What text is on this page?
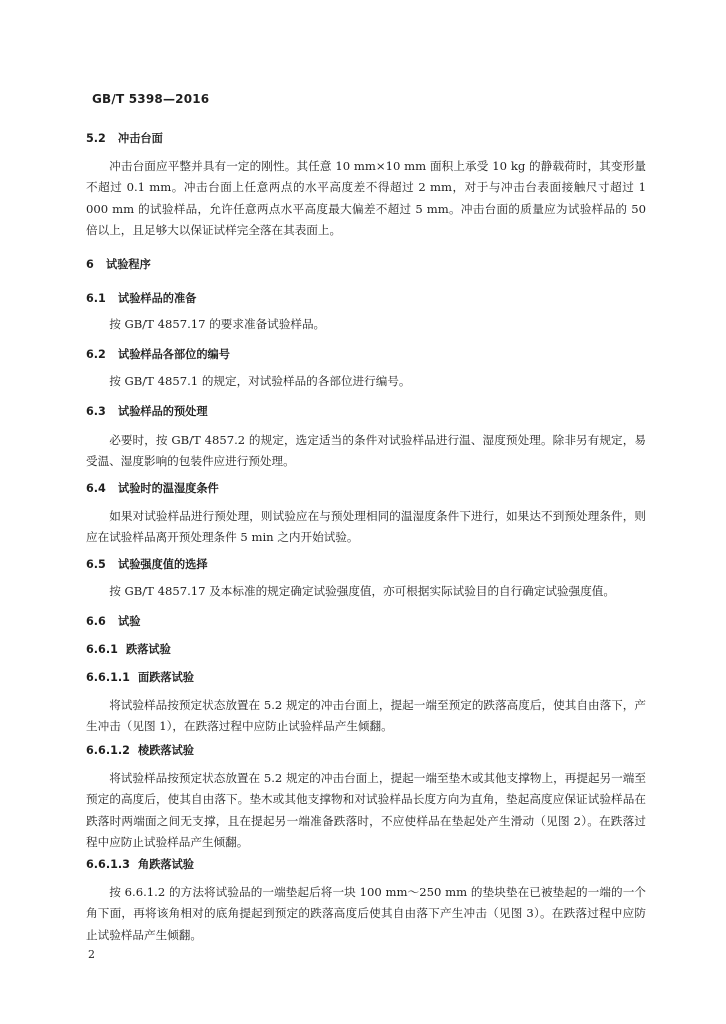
GB/T 5398—2016
5.2 冲击台面

冲击台面应平整并具有一定的刚性。其任意 10 mm×10 mm 面积上承受 10 kg 的静载荷时，其变形量不超过 0.1 mm。冲击台面上任意两点的水平高度差不得超过 2 mm，对于与冲击台表面接触尺寸超过 1 000 mm 的试验样品，允许任意两点水平高度最大偏差不超过 5 mm。冲击台面的质量应为试验样品的 50 倍以上，且足够大以保证试样完全落在其表面上。

6 试验程序
6.1 试验样品的准备

按 GB/T 4857.17 的要求准备试验样品。

6.2 试验样品各部位的编号

按 GB/T 4857.1 的规定，对试验样品的各部位进行编号。

6.3 试验样品的预处理

必要时，按 GB/T 4857.2 的规定，选定适当的条件对试验样品进行温、湿度预处理。除非另有规定，易受温、湿度影响的包装件应进行预处理。

6.4 试验时的温湿度条件

如果对试验样品进行预处理，则试验应在与预处理相同的温湿度条件下进行，如果达不到预处理条件，则应在试验样品离开预处理条件 5 min 之内开始试验。

6.5 试验强度值的选择

按 GB/T 4857.17 及本标准的规定确定试验强度值，亦可根据实际试验目的自行确定试验强度值。

6.6 试验
6.6.1 跌落试验
6.6.1.1 面跌落试验

将试验样品按预定状态放置在 5.2 规定的冲击台面上，提起一端至预定的跌落高度后，使其自由落下，产生冲击（见图 1），在跌落过程中应防止试验样品产生倾翻。

6.6.1.2 棱跌落试验

将试验样品按预定状态放置在 5.2 规定的冲击台面上，提起一端至垫木或其他支撑物上，再提起另一端至预定的高度后，使其自由落下。垫木或其他支撑物和对试验样品长度方向为直角，垫起高度应保证试验样品在跌落时两端面之间无支撑，且在提起另一端准备跌落时，不应使样品在垫起处产生滑动（见图 2）。在跌落过程中应防止试验样品产生倾翻。

6.6.1.3 角跌落试验

按 6.6.1.2 的方法将试验品的一端垫起后将一块 100 mm～250 mm 的垫块垫在已被垫起的一端的一个角下面，再将该角相对的底角提起到预定的跌落高度后使其自由落下产生冲击（见图 3）。在跌落过程中应防止试验样品产生倾翻。

2
